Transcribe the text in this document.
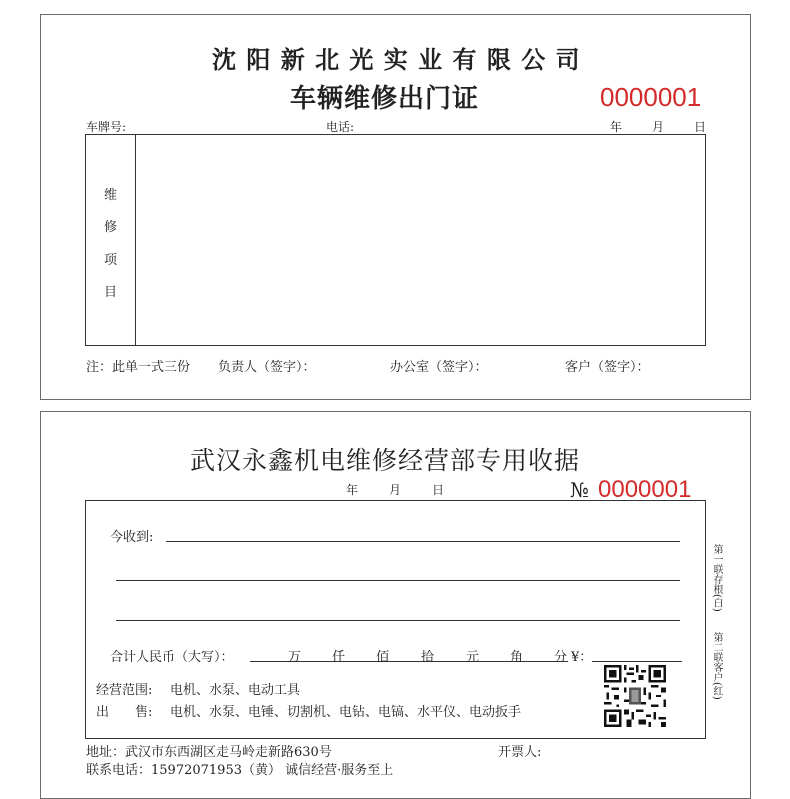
沈 阳 新 北 光 实 业 有 限 公 司
车辆维修出门证	0000001
车牌号:	电话:	年 月 日
维
修
项
目
注：此单一式三份 负责人（签字）：	办公室（签字）：	客户（签字）：
武汉永鑫机电维修经营部专用收据
年	月	日	№ 0000001
今收到:
合计人民币（大写）：	万 仟 佰 拾 元 角 分 ¥：
经营范围: 电机、水泵、电动工具
出　　售: 电机、水泵、电锤、切割机、电钻、电镐、水平仪、电动扳手
第一联存根(白)
第二联客户(红)
地址：武汉市东西湖区走马岭走新路630号	开票人:
联系电话：15972071953（黄） 诚信经营·服务至上
